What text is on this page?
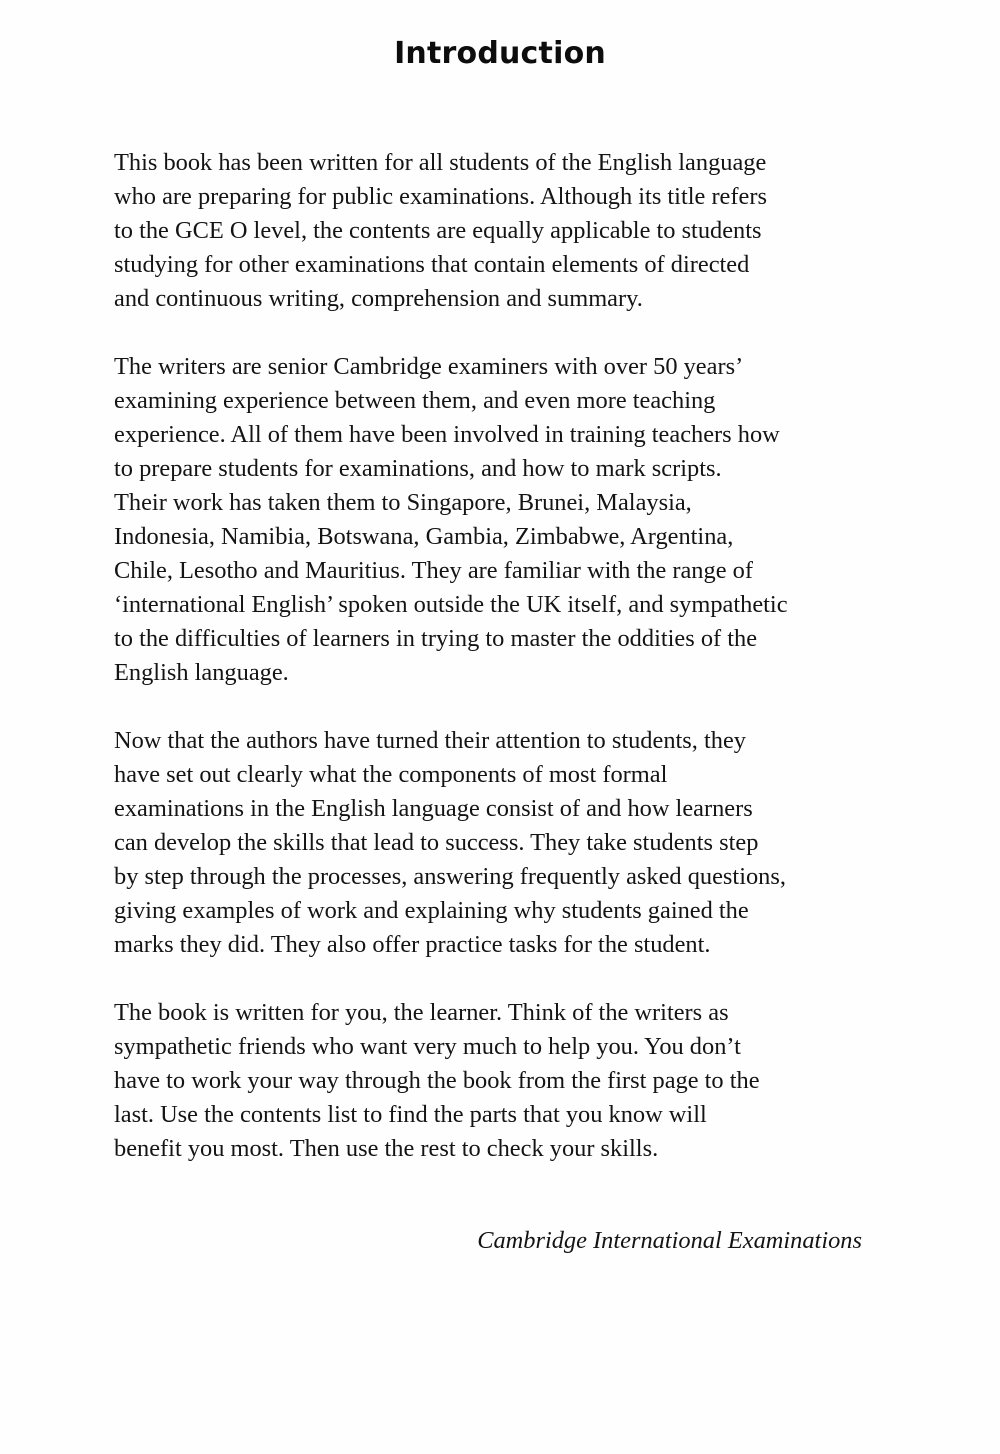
Introduction

This book has been written for all students of the English language
who are preparing for public examinations. Although its title refers
to the GCE O level, the contents are equally applicable to students
studying for other examinations that contain elements of directed
and continuous writing, comprehension and summary.

The writers are senior Cambridge examiners with over 50 years’
examining experience between them, and even more teaching
experience. All of them have been involved in training teachers how
to prepare students for examinations, and how to mark scripts.
Their work has taken them to Singapore, Brunei, Malaysia,
Indonesia, Namibia, Botswana, Gambia, Zimbabwe, Argentina,
Chile, Lesotho and Mauritius. They are familiar with the range of
‘international English’ spoken outside the UK itself, and sympathetic
to the difficulties of learners in trying to master the oddities of the
English language.

Now that the authors have turned their attention to students, they
have set out clearly what the components of most formal
examinations in the English language consist of and how learners
can develop the skills that lead to success. They take students step
by step through the processes, answering frequently asked questions,
giving examples of work and explaining why students gained the
marks they did. They also offer practice tasks for the student.

The book is written for you, the learner. Think of the writers as
sympathetic friends who want very much to help you. You don’t
have to work your way through the book from the first page to the
last. Use the contents list to find the parts that you know will
benefit you most. Then use the rest to check your skills.

Cambridge International Examinations
